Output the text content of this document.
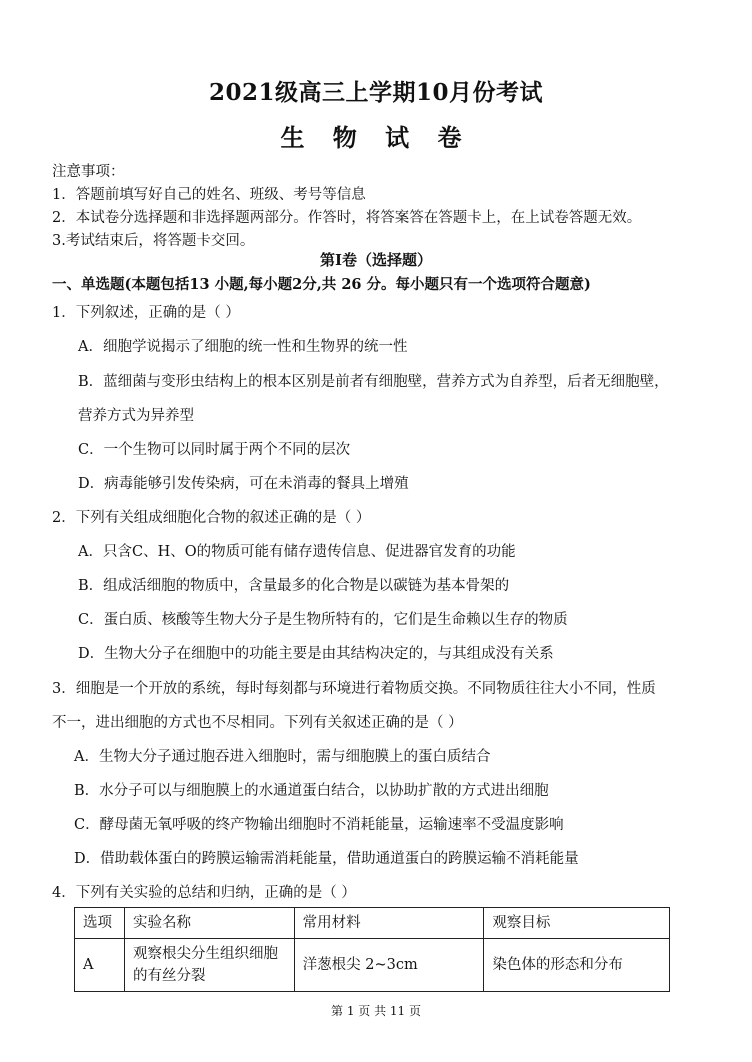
2021级高三上学期10月份考试
生 物 试 卷
注意事项：
1．答题前填写好自己的姓名、班级、考号等信息
2．本试卷分选择题和非选择题两部分。作答时，将答案答在答题卡上，在上试卷答题无效。
3.考试结束后，将答题卡交回。
第Ⅰ卷（选择题）
一、单选题(本题包括13 小题,每小题2分,共 26 分。每小题只有一个选项符合题意)
1．下列叙述，正确的是（ ）
A．细胞学说揭示了细胞的统一性和生物界的统一性
B．蓝细菌与变形虫结构上的根本区别是前者有细胞壁，营养方式为自养型，后者无细胞壁，
营养方式为异养型
C．一个生物可以同时属于两个不同的层次
D．病毒能够引发传染病，可在未消毒的餐具上增殖
2．下列有关组成细胞化合物的叙述正确的是（ ）
A．只含C、H、O的物质可能有储存遗传信息、促进器官发育的功能
B．组成活细胞的物质中，含量最多的化合物是以碳链为基本骨架的
C．蛋白质、核酸等生物大分子是生物所特有的，它们是生命赖以生存的物质
D．生物大分子在细胞中的功能主要是由其结构决定的，与其组成没有关系
3．细胞是一个开放的系统，每时每刻都与环境进行着物质交换。不同物质往往大小不同，性质
不一，进出细胞的方式也不尽相同。下列有关叙述正确的是（ ）
A．生物大分子通过胞吞进入细胞时，需与细胞膜上的蛋白质结合
B．水分子可以与细胞膜上的水通道蛋白结合，以协助扩散的方式进出细胞
C．酵母菌无氧呼吸的终产物输出细胞时不消耗能量，运输速率不受温度影响
D．借助载体蛋白的跨膜运输需消耗能量，借助通道蛋白的跨膜运输不消耗能量
4．下列有关实验的总结和归纳，正确的是（ ）
选项	实验名称	常用材料	观察目标
A	观察根尖分生组织细胞的有丝分裂	洋葱根尖 2~3cm	染色体的形态和分布
第 1 页 共 11 页
